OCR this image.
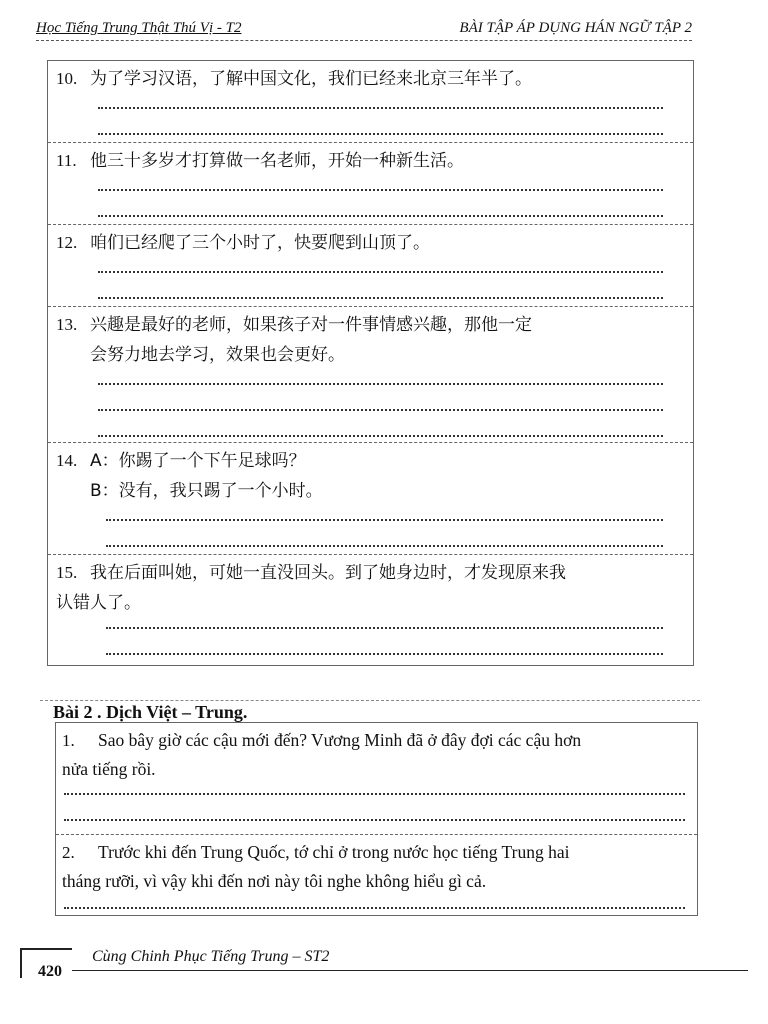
Học Tiếng Trung Thật Thú Vị - T2	BÀI TẬP ÁP DỤNG HÁN NGỮ TẬP 2
10. 为了学习汉语，了解中国文化，我们已经来北京三年半了。
11. 他三十多岁才打算做一名老师，开始一种新生活。
12. 咱们已经爬了三个小时了，快要爬到山顶了。
13. 兴趣是最好的老师，如果孩子对一件事情感兴趣，那他一定
会努力地去学习，效果也会更好。
14. A：你踢了一个下午足球吗？
B：没有，我只踢了一个小时。
15. 我在后面叫她，可她一直没回头。到了她身边时，才发现原来我
认错人了。
Bài 2 . Dịch Việt – Trung.
1. Sao bây giờ các cậu mới đến? Vương Minh đã ở đây đợi các cậu hơn
nửa tiếng rồi.
2. Trước khi đến Trung Quốc, tớ chỉ ở trong nước học tiếng Trung hai
tháng rưỡi, vì vậy khi đến nơi này tôi nghe không hiểu gì cả.
Cùng Chinh Phục Tiếng Trung – ST2
420
